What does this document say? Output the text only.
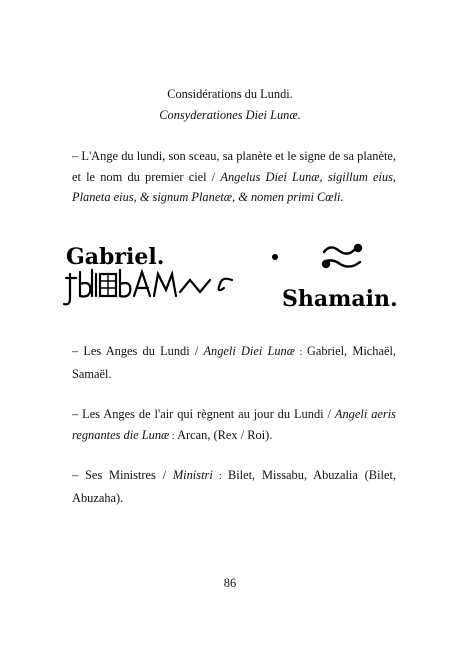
Considérations du Lundi.
Consyderationes Diei Lunæ.
– L'Ange du lundi, son sceau, sa planète et le signe de sa planète, et le nom du premier ciel / Angelus Diei Lunæ, sigillum eius, Planeta eius, & signum Planetæ, & nomen primi Cœli.
Gabriel.
Shamain.
– Les Anges du Lundi / Angeli Diei Lunæ : Gabriel, Michaël, Samaël.
– Les Anges de l'air qui règnent au jour du Lundi / Angeli aeris regnantes die Lunæ : Arcan, (Rex / Roi).
– Ses Ministres / Ministri : Bilet, Missabu, Abuzalia (Bilet, Abuzaha).
86
